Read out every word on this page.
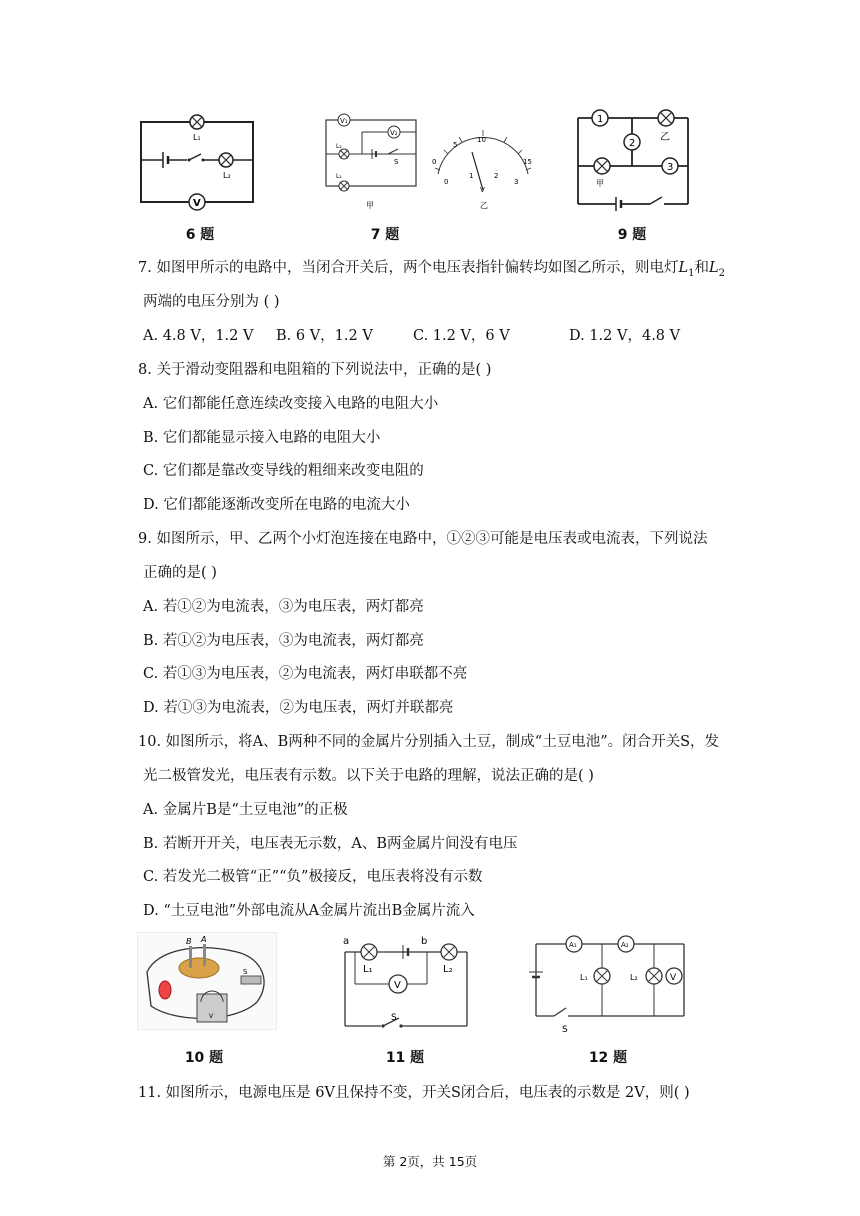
L₁
L₂
V
6 题
V₁
V₂
L₂
S
L₁
甲
0
5
10
15
0
1	2
3
V
乙
7 题
1
2
乙
甲
3
9 题
7. 如图甲所示的电路中，当闭合开关后，两个电压表指针偏转均如图乙所示，则电灯$L_1$和$L_2$
两端的电压分别为 ( )
A. 4.8 V，1.2 V B. 6 V，1.2 V	C. 1.2 V，6 V	D. 1.2 V，4.8 V
8. 关于滑动变阻器和电阻箱的下列说法中，正确的是( )
A. 它们都能任意连续改变接入电路的电阻大小
B. 它们都能显示接入电路的电阻大小
C. 它们都是靠改变导线的粗细来改变电阻的
D. 它们都能逐渐改变所在电路的电流大小
9. 如图所示，甲、乙两个小灯泡连接在电路中，①②③可能是电压表或电流表，下列说法
正确的是( )
A. 若①②为电流表，③为电压表，两灯都亮
B. 若①②为电压表，③为电流表，两灯都亮
C. 若①③为电压表，②为电流表，两灯串联都不亮
D. 若①③为电流表，②为电压表，两灯并联都亮
10. 如图所示，将A、B两种不同的金属片分别插入土豆，制成“土豆电池”。闭合开关S，发
光二极管发光，电压表有示数。以下关于电路的理解，说法正确的是( )
A. 金属片B是“土豆电池”的正极
B. 若断开开关，电压表无示数，A、B两金属片间没有电压
C. 若发光二极管“正”“负”极接反，电压表将没有示数
D. “土豆电池”外部电流从A金属片流出B金属片流入
B A
S
V
10 题
S
a	b
L₁	L₂
V
11 题
S
A₁	A₂
L₁	L₂	V
12 题
11. 如图所示，电源电压是 6V且保持不变，开关S闭合后，电压表的示数是 2V，则( )
第 2页，共 15页
